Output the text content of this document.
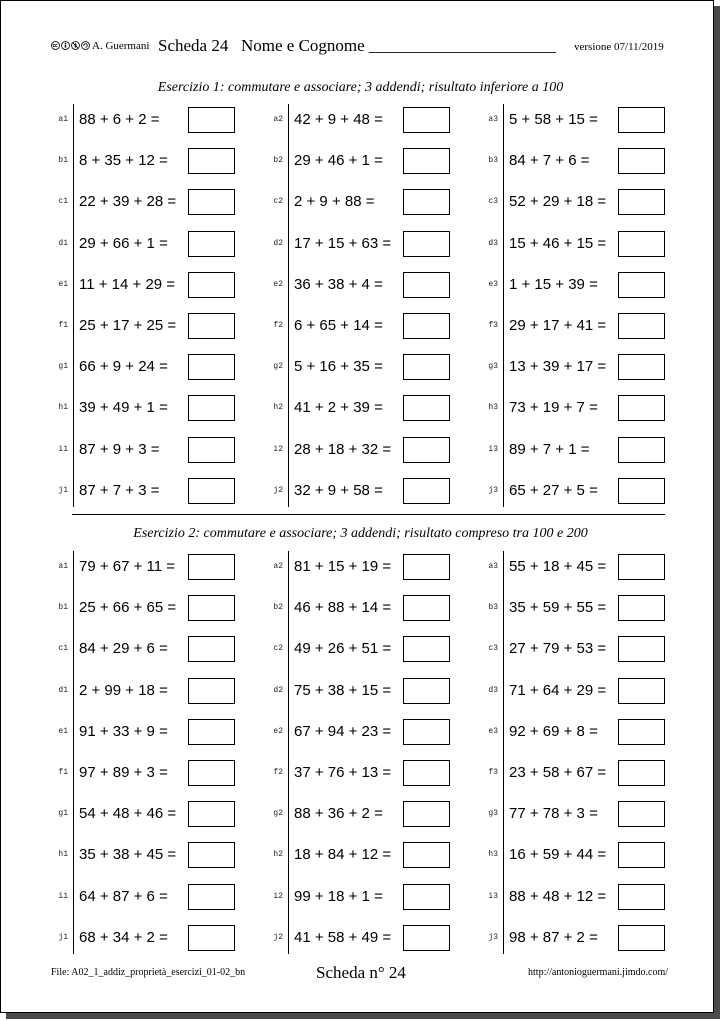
A. Guermani Scheda 24 Nome e Cognome ______________________ versione 07/11/2019
Esercizio 1: commutare e associare; 3 addendi; risultato inferiore a 100
Esercizio 2: commutare e associare; 3 addendi; risultato compreso tra 100 e 200
File: A02_1_addiz_proprietà_esercizi_01-02_bn	Scheda n° 24	http://antonioguermani.jimdo.com/
a1 88 + 6 + 2 =
b1 8 + 35 + 12 =
c1 22 + 39 + 28 =
d1 29 + 66 + 1 =
e1 11 + 14 + 29 =
f1 25 + 17 + 25 =
g1 66 + 9 + 24 =
h1 39 + 49 + 1 =
i1 87 + 9 + 3 =
j1 87 + 7 + 3 =
a2 42 + 9 + 48 =
b2 29 + 46 + 1 =
c2 2 + 9 + 88 =
d2 17 + 15 + 63 =
e2 36 + 38 + 4 =
f2 6 + 65 + 14 =
g2 5 + 16 + 35 =
h2 41 + 2 + 39 =
i2 28 + 18 + 32 =
j2 32 + 9 + 58 =
a3 5 + 58 + 15 =
b3 84 + 7 + 6 =
c3 52 + 29 + 18 =
d3 15 + 46 + 15 =
e3 1 + 15 + 39 =
f3 29 + 17 + 41 =
g3 13 + 39 + 17 =
h3 73 + 19 + 7 =
i3 89 + 7 + 1 =
j3 65 + 27 + 5 =
a1 79 + 67 + 11 =
b1 25 + 66 + 65 =
c1 84 + 29 + 6 =
d1 2 + 99 + 18 =
e1 91 + 33 + 9 =
f1 97 + 89 + 3 =
g1 54 + 48 + 46 =
h1 35 + 38 + 45 =
i1 64 + 87 + 6 =
j1 68 + 34 + 2 =
a2 81 + 15 + 19 =
b2 46 + 88 + 14 =
c2 49 + 26 + 51 =
d2 75 + 38 + 15 =
e2 67 + 94 + 23 =
f2 37 + 76 + 13 =
g2 88 + 36 + 2 =
h2 18 + 84 + 12 =
i2 99 + 18 + 1 =
j2 41 + 58 + 49 =
a3 55 + 18 + 45 =
b3 35 + 59 + 55 =
c3 27 + 79 + 53 =
d3 71 + 64 + 29 =
e3 92 + 69 + 8 =
f3 23 + 58 + 67 =
g3 77 + 78 + 3 =
h3 16 + 59 + 44 =
i3 88 + 48 + 12 =
j3 98 + 87 + 2 =
